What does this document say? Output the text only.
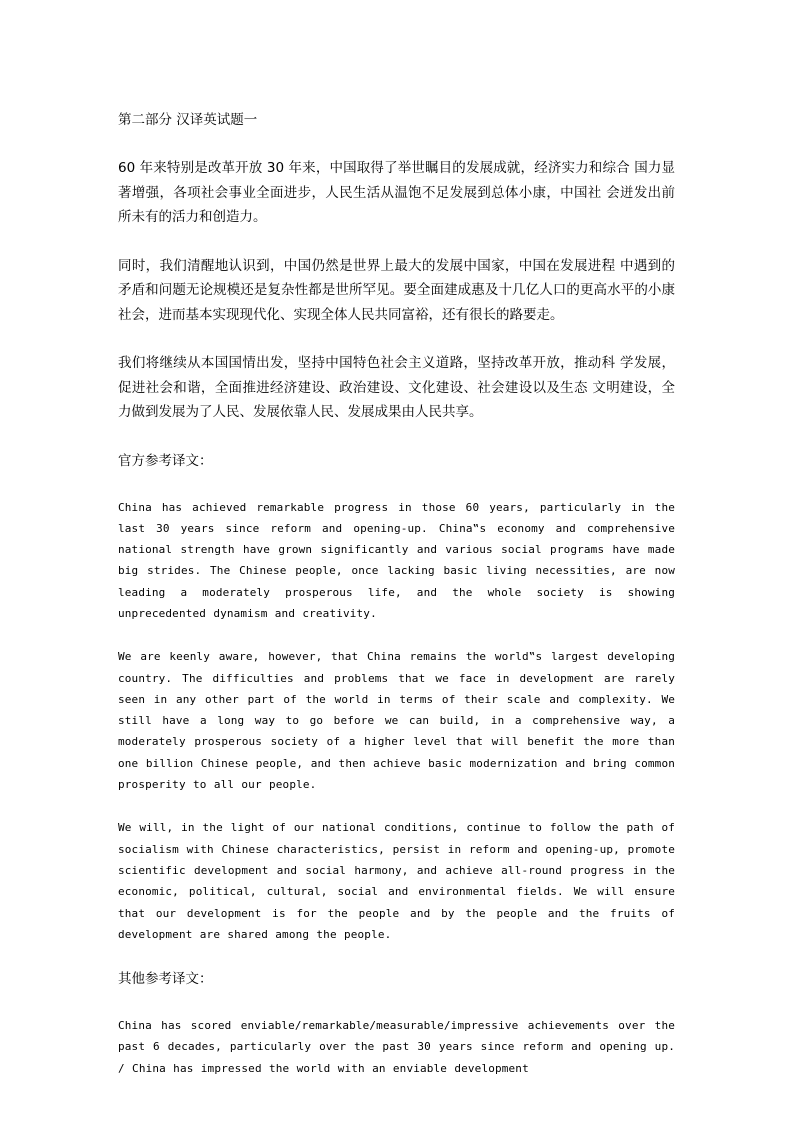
第二部分 汉译英试题一

60 年来特别是改革开放 30 年来，中国取得了举世瞩目的发展成就，经济实力和综合 国力显著增强，各项社会事业全面进步，人民生活从温饱不足发展到总体小康，中国社 会迸发出前所未有的活力和创造力。

同时，我们清醒地认识到，中国仍然是世界上最大的发展中国家，中国在发展进程 中遇到的矛盾和问题无论规模还是复杂性都是世所罕见。要全面建成惠及十几亿人口的更高水平的小康社会，进而基本实现现代化、实现全体人民共同富裕，还有很长的路要走。

我们将继续从本国国情出发，坚持中国特色社会主义道路，坚持改革开放，推动科 学发展，促进社会和谐，全面推进经济建设、政治建设、文化建设、社会建设以及生态 文明建设，全力做到发展为了人民、发展依靠人民、发展成果由人民共享。

官方参考译文：

China has achieved remarkable progress in those 60 years, particularly in the last 30 years since reform and opening-up. China‟s economy and comprehensive national strength have grown significantly and various social programs have made big strides. The Chinese people, once lacking basic living necessities, are now leading a moderately prosperous life, and the whole society is showing unprecedented dynamism and creativity.

We are keenly aware, however, that China remains the world‟s largest developing country. The difficulties and problems that we face in development are rarely seen in any other part of the world in terms of their scale and complexity. We still have a long way to go before we can build, in a comprehensive way, a moderately prosperous society of a higher level that will benefit the more than one billion Chinese people, and then achieve basic modernization and bring common prosperity to all our people.

We will, in the light of our national conditions, continue to follow the path of socialism with Chinese characteristics, persist in reform and opening-up, promote scientific development and social harmony, and achieve all-round progress in the economic, political, cultural, social and environmental fields. We will ensure that our development is for the people and by the people and the fruits of development are shared among the people.

其他参考译文：

China has scored enviable/remarkable/measurable/impressive achievements over the past 6 decades, particularly over the past 30 years since reform and opening up. / China has impressed the world with an enviable development
